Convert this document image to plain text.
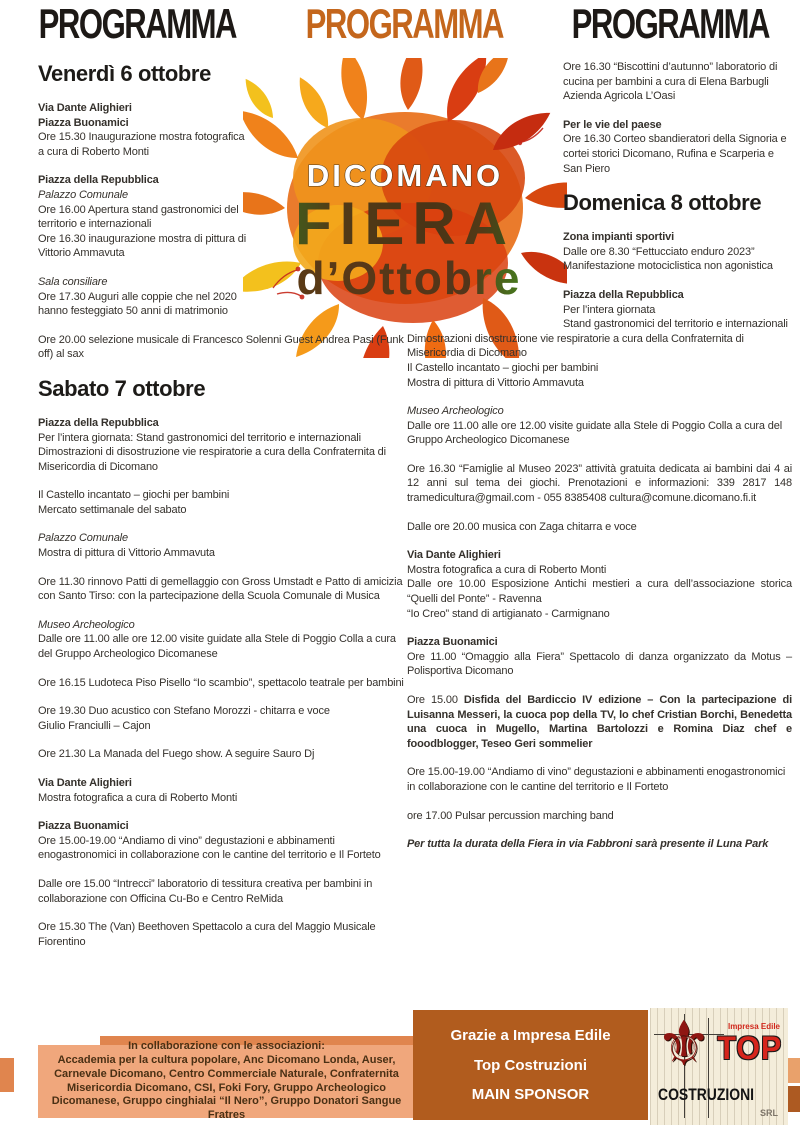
PROGRAMMA PROGRAMMA PROGRAMMA
DICOMANO
FIERA
d’Ottobre
Venerdì 6 ottobre

Via Dante Alighieri
Piazza Buonamici
Ore 15.30 Inaugurazione mostra fotografica a cura di Roberto Monti

Piazza della Repubblica
Palazzo Comunale
Ore 16.00 Apertura stand gastronomici del territorio e internazionali
Ore 16.30 inaugurazione mostra di pittura di Vittorio Ammavuta

Sala consiliare
Ore 17.30 Auguri alle coppie che nel 2020 hanno festeggiato 50 anni di matrimonio

Ore 20.00 selezione musicale di Francesco Solenni Guest Andrea Pasi (Funk off) al sax

Sabato 7 ottobre

Piazza della Repubblica
Per l’intera giornata: Stand gastronomici del territorio e internazionali
Dimostrazioni di disostruzione vie respiratorie a cura della Confraternita di Misericordia di Dicomano

Il Castello incantato – giochi per bambini
Mercato settimanale del sabato

Palazzo Comunale
Mostra di pittura di Vittorio Ammavuta

Ore 11.30 rinnovo Patti di gemellaggio con Gross Umstadt e Patto di amicizia con Santo Tirso: con la partecipazione della Scuola Comunale di Musica

Museo Archeologico
Dalle ore 11.00 alle ore 12.00 visite guidate alla Stele di Poggio Colla a cura del Gruppo Archeologico Dicomanese

Ore 16.15 Ludoteca Piso Pisello “Io scambio”, spettacolo teatrale per bambini

Ore 19.30 Duo acustico con Stefano Morozzi - chitarra e voce
Giulio Franciulli – Cajon

Ore 21.30 La Manada del Fuego show. A seguire Sauro Dj

Via Dante Alighieri
Mostra fotografica a cura di Roberto Monti

Piazza Buonamici
Ore 15.00-19.00 “Andiamo di vino” degustazioni e abbinamenti enogastronomici in collaborazione con le cantine del territorio e Il Forteto

Dalle ore 15.00 “Intrecci” laboratorio di tessitura creativa per bambini in collaborazione con Officina Cu-Bo e Centro ReMida

Ore 15.30 The (Van) Beethoven Spettacolo a cura del Maggio Musicale Fiorentino

Ore 16.30 “Biscottini d’autunno” laboratorio di cucina per bambini a cura di Elena Barbugli Azienda Agricola L’Oasi

Per le vie del paese
Ore 16.30 Corteo sbandieratori della Signoria e cortei storici Dicomano, Rufina e Scarperia e San Piero

Domenica 8 ottobre

Zona impianti sportivi
Dalle ore 8.30 “Fettucciato enduro 2023” Manifestazione motociclistica non agonistica

Piazza della Repubblica
Per l’intera giornata
Stand gastronomici del territorio e internazionali

Dimostrazioni disostruzione vie respiratorie a cura della Confraternita di Misericordia di Dicomano
Il Castello incantato – giochi per bambini
Mostra di pittura di Vittorio Ammavuta

Museo Archeologico
Dalle ore 11.00 alle ore 12.00 visite guidate alla Stele di Poggio Colla a cura del Gruppo Archeologico Dicomanese

Ore 16.30 “Famiglie al Museo 2023” attività gratuita dedicata ai bambini dai 4 ai 12 anni sul tema dei giochi. Prenotazioni e informazioni: 339 2817 148 tramedicultura@gmail.com - 055 8385408 cultura@comune.dicomano.fi.it

Dalle ore 20.00 musica con Zaga chitarra e voce

Via Dante Alighieri
Mostra fotografica a cura di Roberto Monti
Dalle ore 10.00 Esposizione Antichi mestieri a cura dell’associazione storica “Quelli del Ponte” - Ravenna
“Io Creo” stand di artigianato - Carmignano

Piazza Buonamici
Ore 11.00 “Omaggio alla Fiera” Spettacolo di danza organizzato da Motus – Polisportiva Dicomano

Ore 15.00 Disfida del Bardiccio IV edizione – Con la partecipazione di Luisanna Messeri, la cuoca pop della TV, lo chef Cristian Borchi, Benedetta una cuoca in Mugello, Martina Bartolozzi e Romina Diaz chef e fooodblogger, Teseo Geri sommelier

Ore 15.00-19.00 “Andiamo di vino” degustazioni e abbinamenti enogastronomici in collaborazione con le cantine del territorio e Il Forteto

ore 17.00 Pulsar percussion marching band

Per tutta la durata della Fiera in via Fabbroni sarà presente il Luna Park

In collaborazione con le associazioni:
Accademia per la cultura popolare, Anc Dicomano Londa, Auser, Carnevale Dicomano, Centro Commerciale Naturale, Confraternita Misericordia Dicomano, CSI, Foki Fory, Gruppo Archeologico Dicomanese, Gruppo cinghialai “Il Nero”, Gruppo Donatori Sangue Fratres
Grazie a Impresa Edile
Top Costruzioni
MAIN SPONSOR
⚜ Impresa Edile
TOP
COSTRUZIONI
SRL
